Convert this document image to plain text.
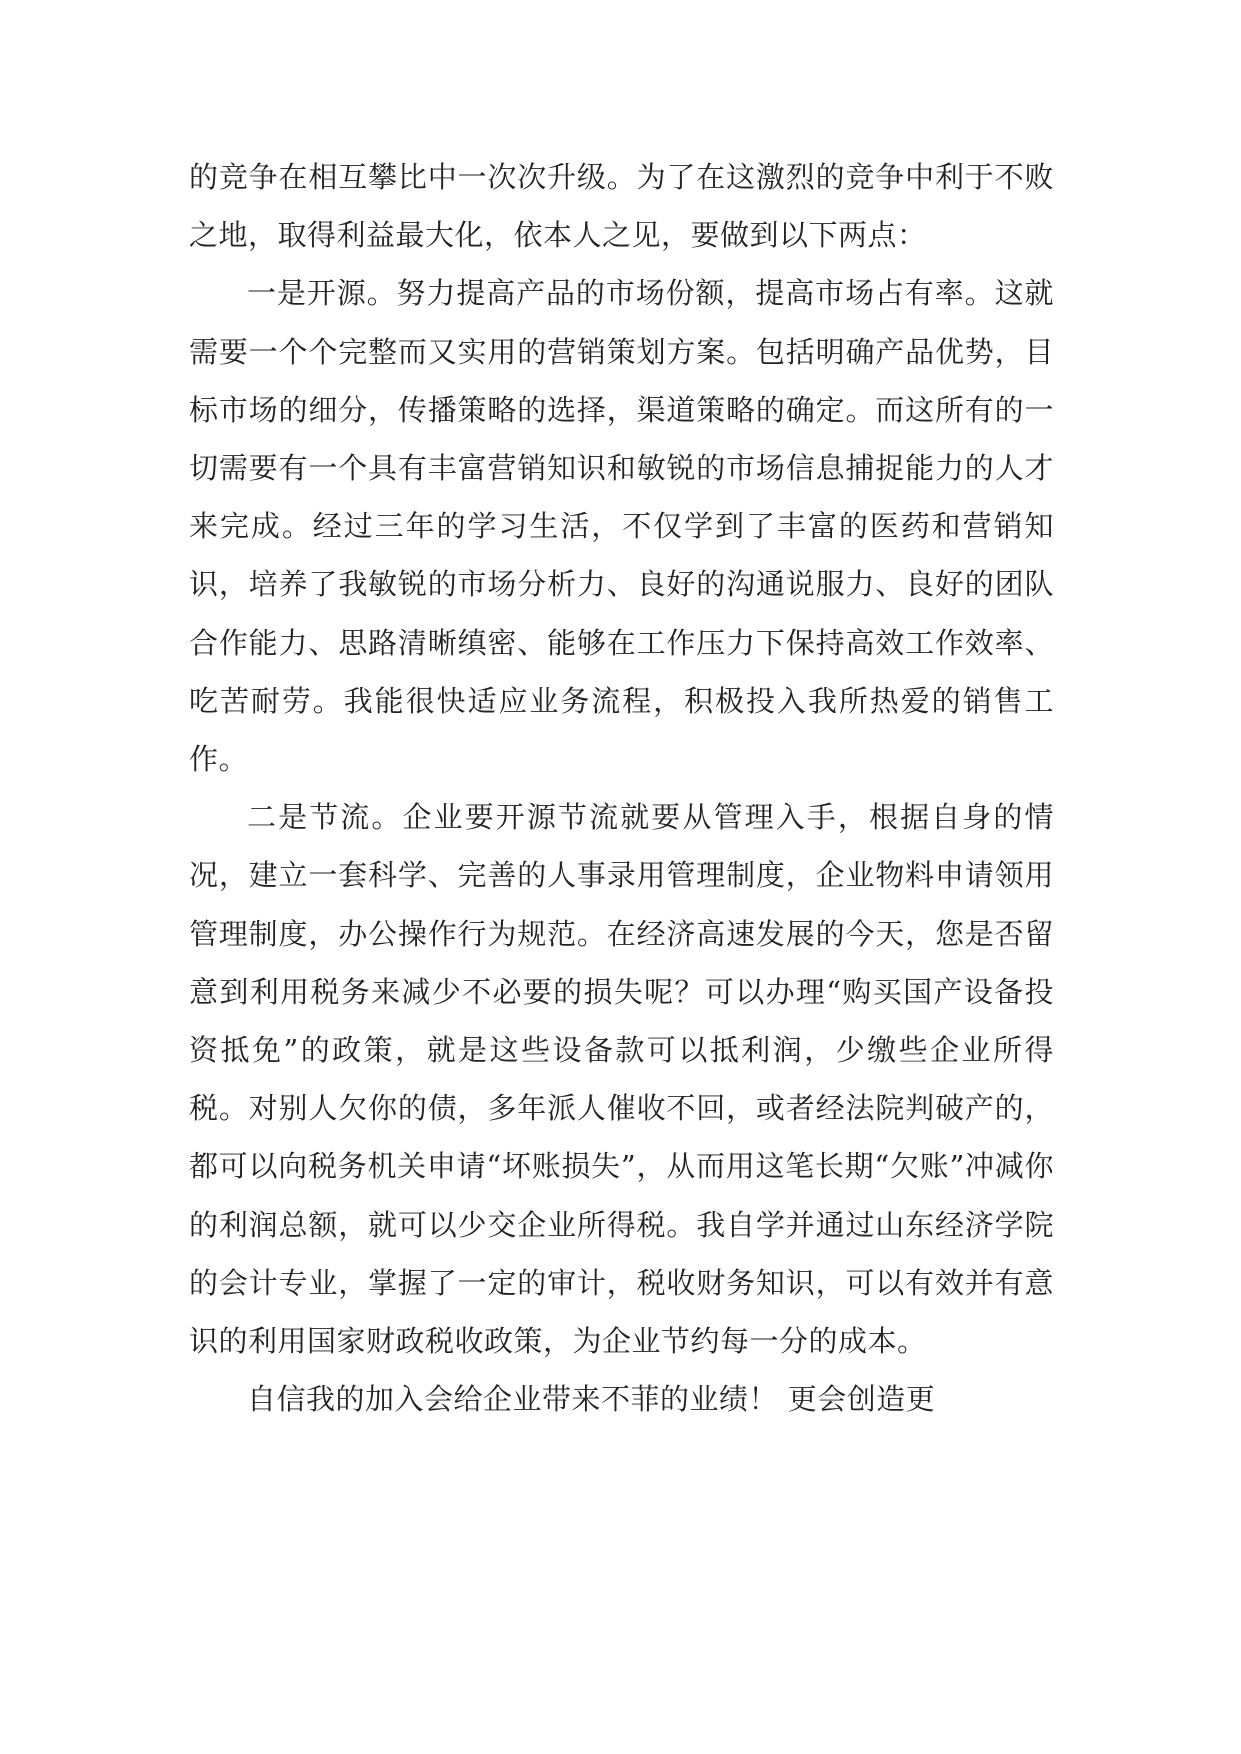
的竞争在相互攀比中一次次升级。为了在这激烈的竞争中利于不败之地，取得利益最大化，依本人之见，要做到以下两点：

一是开源。努力提高产品的市场份额，提高市场占有率。这就需要一个个完整而又实用的营销策划方案。包括明确产品优势，目标市场的细分，传播策略的选择，渠道策略的确定。而这所有的一切需要有一个具有丰富营销知识和敏锐的市场信息捕捉能力的人才来完成。经过三年的学习生活，不仅学到了丰富的医药和营销知识，培养了我敏锐的市场分析力、良好的沟通说服力、良好的团队合作能力、思路清晰缜密、能够在工作压力下保持高效工作效率、吃苦耐劳。我能很快适应业务流程，积极投入我所热爱的销售工作。

二是节流。企业要开源节流就要从管理入手，根据自身的情况，建立一套科学、完善的人事录用管理制度，企业物料申请领用管理制度，办公操作行为规范。在经济高速发展的今天，您是否留意到利用税务来减少不必要的损失呢？可以办理“购买国产设备投资抵免”的政策，就是这些设备款可以抵利润，少缴些企业所得税。对别人欠你的债，多年派人催收不回，或者经法院判破产的，都可以向税务机关申请“坏账损失”，从而用这笔长期“欠账”冲减你的利润总额，就可以少交企业所得税。我自学并通过山东经济学院的会计专业，掌握了一定的审计，税收财务知识，可以有效并有意识的利用国家财政税收政策，为企业节约每一分的成本。

自信我的加入会给企业带来不菲的业绩！ 更会创造更
